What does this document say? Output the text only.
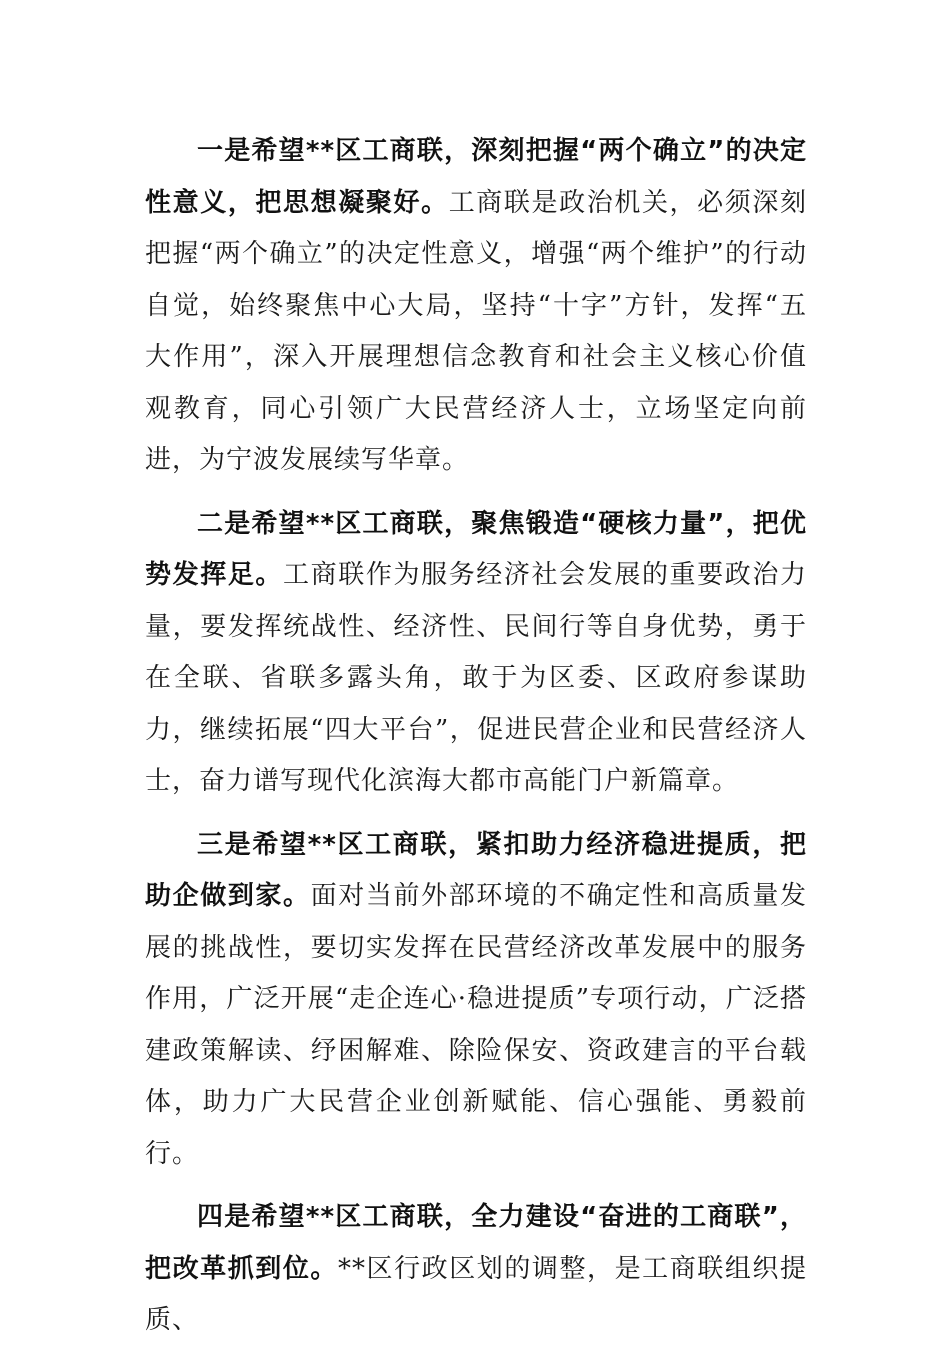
一是希望**区工商联，深刻把握“两个确立”的决定性意义，把思想凝聚好。工商联是政治机关，必须深刻把握“两个确立”的决定性意义，增强“两个维护”的行动自觉，始终聚焦中心大局，坚持“十字”方针，发挥“五大作用”，深入开展理想信念教育和社会主义核心价值观教育，同心引领广大民营经济人士，立场坚定向前进，为宁波发展续写华章。

二是希望**区工商联，聚焦锻造“硬核力量”，把优势发挥足。工商联作为服务经济社会发展的重要政治力量，要发挥统战性、经济性、民间行等自身优势，勇于在全联、省联多露头角，敢于为区委、区政府参谋助力，继续拓展“四大平台”，促进民营企业和民营经济人士，奋力谱写现代化滨海大都市高能门户新篇章。

三是希望**区工商联，紧扣助力经济稳进提质，把助企做到家。面对当前外部环境的不确定性和高质量发展的挑战性，要切实发挥在民营经济改革发展中的服务作用，广泛开展“走企连心·稳进提质”专项行动，广泛搭建政策解读、纾困解难、除险保安、资政建言的平台载体，助力广大民营企业创新赋能、信心强能、勇毅前行。

四是希望**区工商联，全力建设“奋进的工商联”，把改革抓到位。**区行政区划的调整，是工商联组织提质、
